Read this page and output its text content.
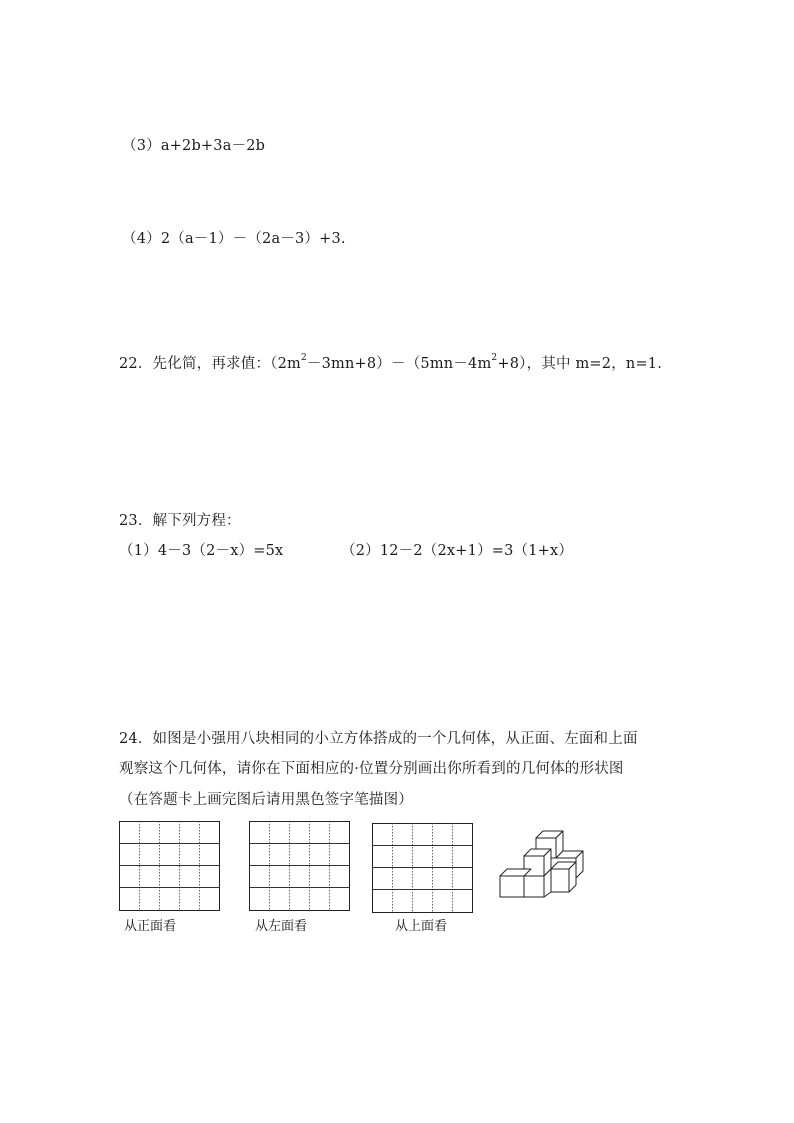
（3）a+2b+3a－2b
（4）2（a－1）－（2a－3）+3.
22．先化简，再求值：$(2m^2-3mn+8)-(5mn-4m^2+8)$，其中 m=2，n=1.
23．解下列方程：
（1）4－3（2－x）=5x	（2）12－2（2x+1）=3（1+x）
24．如图是小强用八块相同的小立方体搭成的一个几何体，从正面、左面和上面
观察这个几何体，请你在下面相应的·位置分别画出你所看到的几何体的形状图
（在答题卡上画完图后请用黑色签字笔描图）
从正面看	从左面看	从上面看
